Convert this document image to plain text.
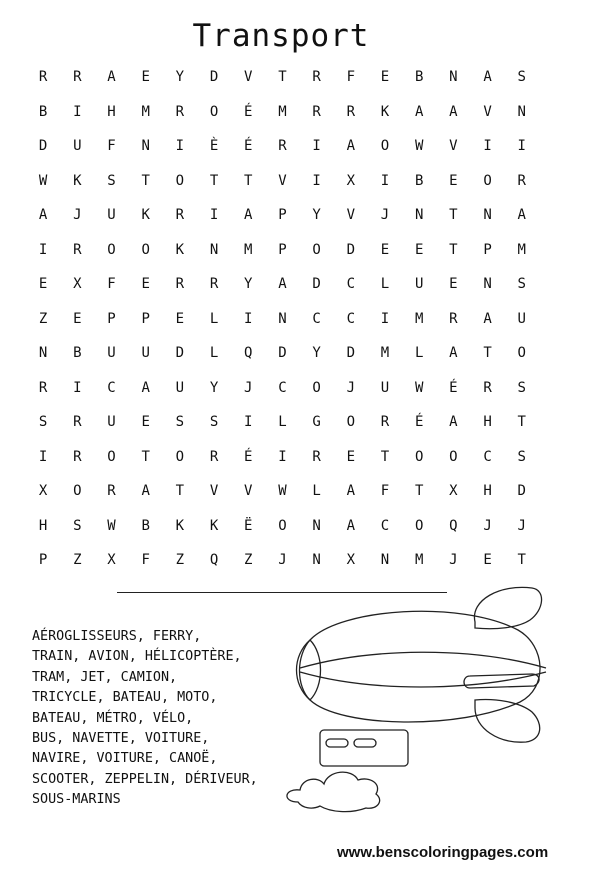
Transport
R	R	A	E	Y	D	V	T	R	F	E	B	N	A	S
B	I	H	M	R	O	É	M	R	R	K	A	A	V	N
D	U	F	N	I	È	É	R	I	A	O	W	V	I	I
W	K	S	T	O	T	T	V	I	X	I	B	E	O	R
A	J	U	K	R	I	A	P	Y	V	J	N	T	N	A
I	R	O	O	K	N	M	P	O	D	E	E	T	P	M
E	X	F	E	R	R	Y	A	D	C	L	U	E	N	S
Z	E	P	P	E	L	I	N	C	C	I	M	R	A	U
N	B	U	U	D	L	Q	D	Y	D	M	L	A	T	O
R	I	C	A	U	Y	J	C	O	J	U	W	É	R	S
S	R	U	E	S	S	I	L	G	O	R	É	A	H	T
I	R	O	T	O	R	É	I	R	E	T	O	O	C	S
X	O	R	A	T	V	V	W	L	A	F	T	X	H	D
H	S	W	B	K	K	Ë	O	N	A	C	O	Q	J	J
P	Z	X	F	Z	Q	Z	J	N	X	N	M	J	E	T
AÉROGLISSEURS, FERRY,
TRAIN, AVION, HÉLICOPTÈRE,
TRAM, JET, CAMION,
TRICYCLE, BATEAU, MOTO,
BATEAU, MÉTRO, VÉLO,
BUS, NAVETTE, VOITURE,
NAVIRE, VOITURE, CANOË,
SCOOTER, ZEPPELIN, DÉRIVEUR,
SOUS-MARINS
www.benscoloringpages.com
